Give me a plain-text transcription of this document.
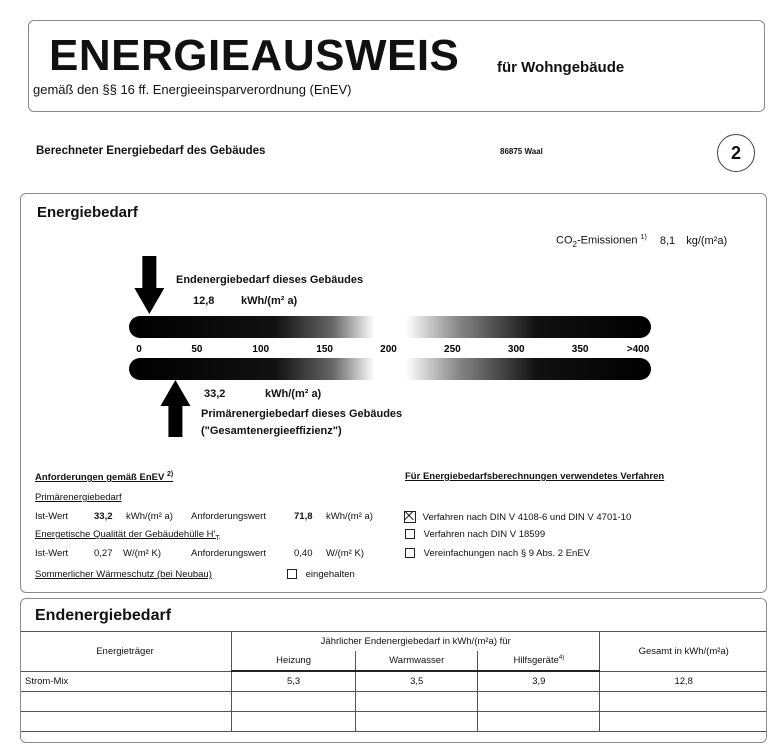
ENERGIEAUSWEIS	für Wohngebäude
gemäß den §§ 16 ff. Energieeinsparverordnung (EnEV)
Berechneter Energiebedarf des Gebäudes	86875 Waal	2
Energiebedarf
$CO_2$-Emissionen $^{1)}$ 8,1 kg/(m²a)
Endenergiebedarf dieses Gebäudes
12,8 kWh/(m² a)
0	50	100	150	200	250	300	350	>400
33,2	kWh/(m² a)
Primärenergiebedarf dieses Gebäudes
("Gesamtenergieeffizienz")
Anforderungen gemäß EnEV $^{2)}$
Primärenergiebedarf
Ist-Wert	33,2 kWh/(m² a) Anforderungswert	71,8 kWh/(m² a)
Energetische Qualität der Gebäudehülle $H'_T$
Ist-Wert	0,27 W/(m² K)	Anforderungswert	0,40 W/(m² K)
Sommerlicher Wärmeschutz (bei Neubau)	eingehalten
Für Energiebedarfsberechnungen verwendetes Verfahren
Verfahren nach DIN V 4108-6 und DIN V 4701-10
Verfahren nach DIN V 18599
Vereinfachungen nach § 9 Abs. 2 EnEV
Endenergiebedarf
Energieträger	Jährlicher Endenergiebedarf in kWh/(m²a) für			Gesamt in kWh/(m²a)
	Heizung	Warmwasser	Hilfsgeräte$^{4)}$
Strom-Mix	5,3	3,5	3,9	12,8
